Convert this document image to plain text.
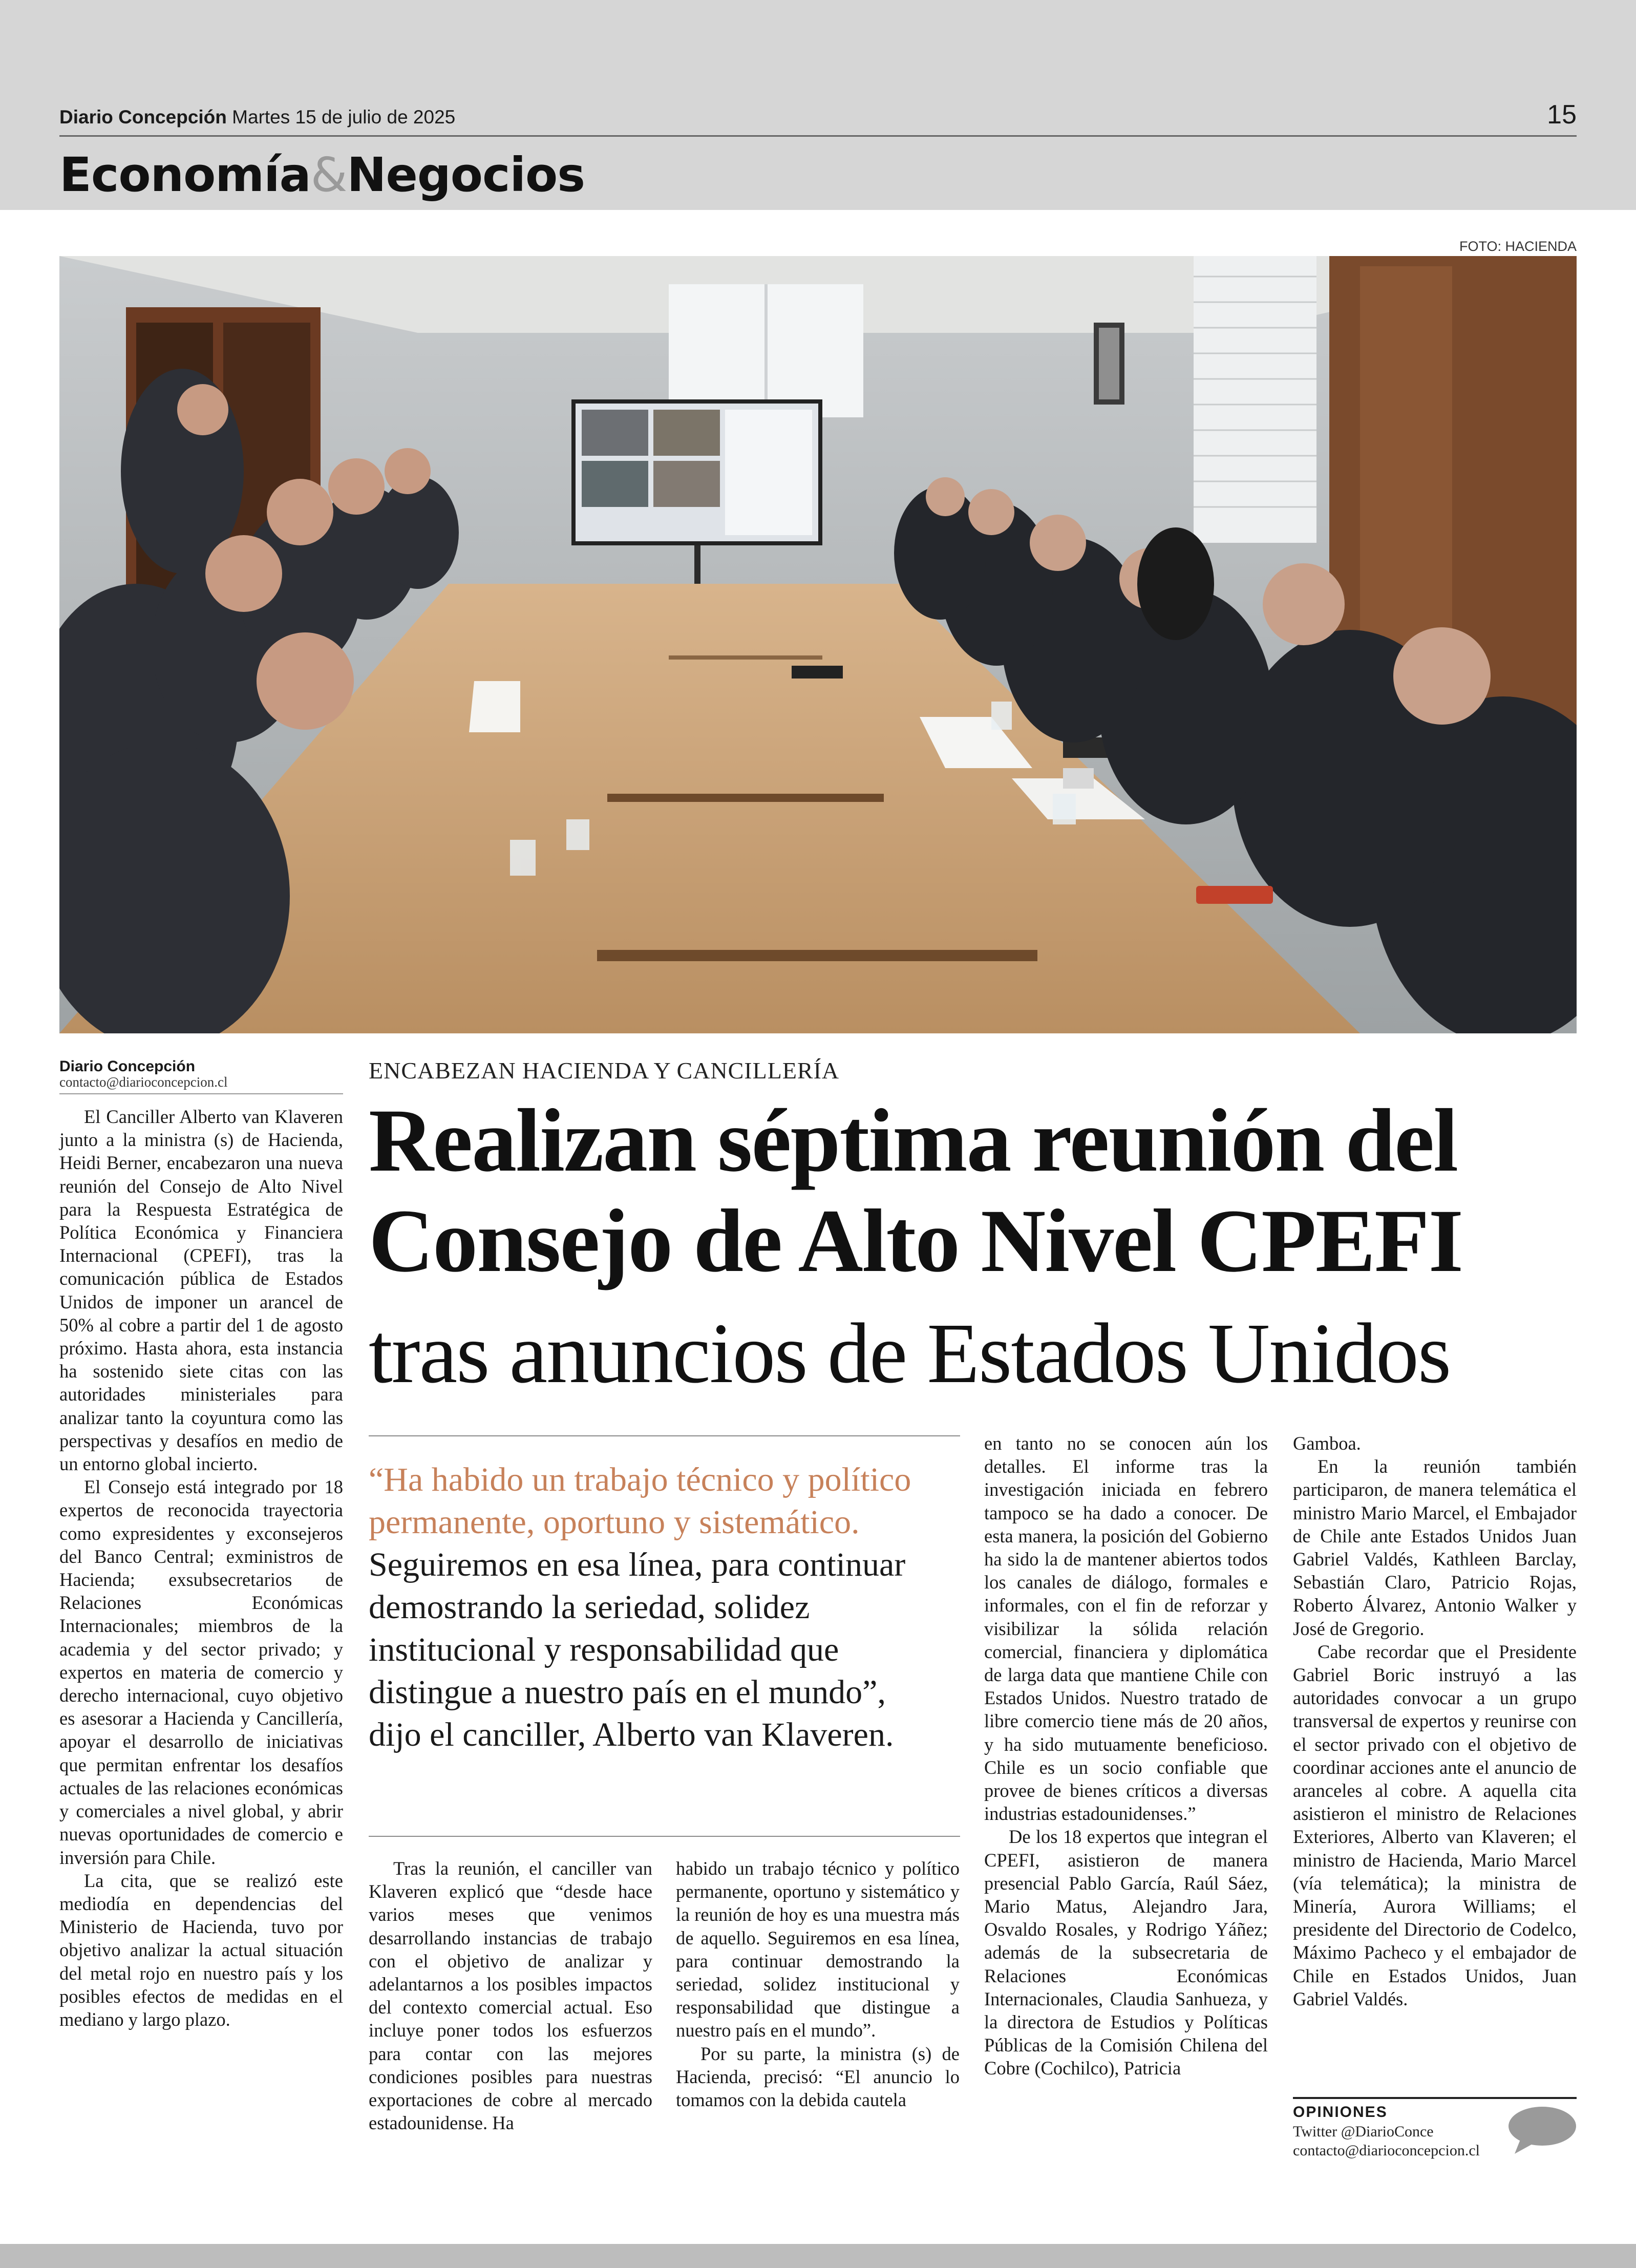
Diario Concepción Martes 15 de julio de 2025	15
Economía&Negocios
FOTO: HACIENDA
Diario Concepción
contacto@diarioconcepcion.cl

El Canciller Alberto van Klaveren junto a la ministra (s) de Hacienda, Heidi Berner, encabezaron una nueva reunión del Consejo de Alto Nivel para la Respuesta Estratégica de Política Económica y Financiera Internacional (CPEFI), tras la comunicación pública de Estados Unidos de imponer un arancel de 50% al cobre a partir del 1 de agosto próximo. Hasta ahora, esta instancia ha sostenido siete citas con las autoridades ministeriales para analizar tanto la coyuntura como las perspectivas y desafíos en medio de un entorno global incierto.

El Consejo está integrado por 18 expertos de reconocida trayectoria como expresidentes y exconsejeros del Banco Central; exministros de Hacienda; exsubsecretarios de Relaciones Económicas Internacionales; miembros de la academia y del sector privado; y expertos en materia de comercio y derecho internacional, cuyo objetivo es asesorar a Hacienda y Cancillería, apoyar el desarrollo de iniciativas que permitan enfrentar los desafíos actuales de las relaciones económicas y comerciales a nivel global, y abrir nuevas oportunidades de comercio e inversión para Chile.

La cita, que se realizó este mediodía en dependencias del Ministerio de Hacienda, tuvo por objetivo analizar la actual situación del metal rojo en nuestro país y los posibles efectos de medidas en el mediano y largo plazo.

ENCABEZAN HACIENDA Y CANCILLERÍA
Realizan séptima reunión del
Consejo de Alto Nivel CPEFI
tras anuncios de Estados Unidos
“Ha habido un trabajo técnico y político permanente, oportuno y sistemático. Seguiremos en esa línea, para continuar demostrando la seriedad, solidez institucional y responsabilidad que distingue a nuestro país en el mundo”, dijo el canciller, Alberto van Klaveren.

Tras la reunión, el canciller van Klaveren explicó que “desde hace varios meses que venimos desarrollando instancias de trabajo con el objetivo de analizar y adelantarnos a los posibles impactos del contexto comercial actual. Eso incluye poner todos los esfuerzos para contar con las mejores condiciones posibles para nuestras exportaciones de cobre al mercado estadounidense. Ha

habido un trabajo técnico y político permanente, oportuno y sistemático y la reunión de hoy es una muestra más de aquello. Seguiremos en esa línea, para continuar demostrando la seriedad, solidez institucional y responsabilidad que distingue a nuestro país en el mundo”.

Por su parte, la ministra (s) de Hacienda, precisó: “El anuncio lo tomamos con la debida cautela

en tanto no se conocen aún los detalles. El informe tras la investigación iniciada en febrero tampoco se ha dado a conocer. De esta manera, la posición del Gobierno ha sido la de mantener abiertos todos los canales de diálogo, formales e informales, con el fin de reforzar y visibilizar la sólida relación comercial, financiera y diplomática de larga data que mantiene Chile con Estados Unidos. Nuestro tratado de libre comercio tiene más de 20 años, y ha sido mutuamente beneficioso. Chile es un socio confiable que provee de bienes críticos a diversas industrias estadounidenses.”

De los 18 expertos que integran el CPEFI, asistieron de manera presencial Pablo García, Raúl Sáez, Mario Matus, Alejandro Jara, Osvaldo Rosales, y Rodrigo Yáñez; además de la subsecretaria de Relaciones Económicas Internacionales, Claudia Sanhueza, y la directora de Estudios y Políticas Públicas de la Comisión Chilena del Cobre (Cochilco), Patricia

Gamboa.

En la reunión también participaron, de manera telemática el ministro Mario Marcel, el Embajador de Chile ante Estados Unidos Juan Gabriel Valdés, Kathleen Barclay, Sebastián Claro, Patricio Rojas, Roberto Álvarez, Antonio Walker y José de Gregorio.

Cabe recordar que el Presidente Gabriel Boric instruyó a las autoridades convocar a un grupo transversal de expertos y reunirse con el sector privado con el objetivo de coordinar acciones ante el anuncio de aranceles al cobre. A aquella cita asistieron el ministro de Relaciones Exteriores, Alberto van Klaveren; el ministro de Hacienda, Mario Marcel (vía telemática); la ministra de Minería, Aurora Williams; el presidente del Directorio de Codelco, Máximo Pacheco y el embajador de Chile en Estados Unidos, Juan Gabriel Valdés.

OPINIONES
Twitter @DiarioConce
contacto@diarioconcepcion.cl
